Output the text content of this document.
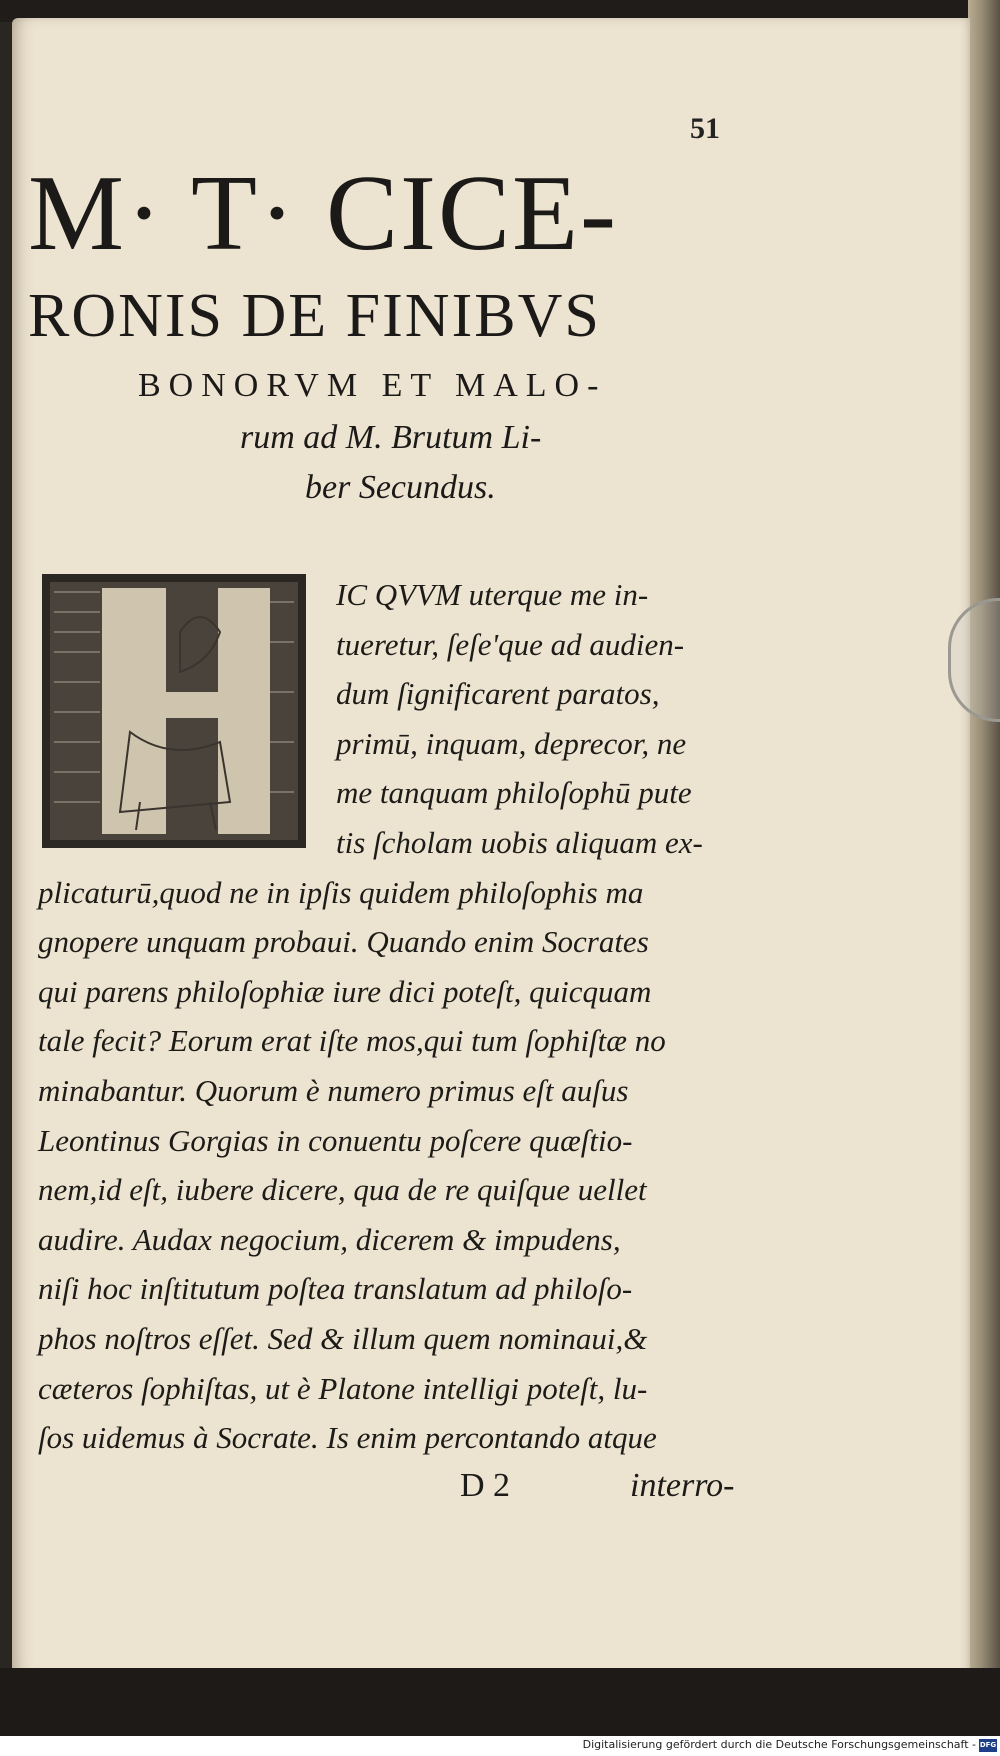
51
M· T· CICE-
RONIS DE FINIBVS
BONORVM ET MALO-
rum ad M. Brutum Li-
ber Secundus.
IC QVVM uterque me in-
tueretur, ſeſe'que ad audien-
dum ſignificarent paratos,
primū, inquam, deprecor, ne
me tanquam philoſophū pute
tis ſcholam uobis aliquam ex-
plicaturū,quod ne in ipſis quidem philoſophis ma
gnopere unquam probaui. Quando enim Socrates
qui parens philoſophiæ iure dici poteſt, quicquam
tale fecit? Eorum erat iſte mos,qui tum ſophiſtæ no
minabantur. Quorum è numero primus eſt auſus
Leontinus Gorgias in conuentu poſcere quæſtio-
nem,id eſt, iubere dicere, qua de re quiſque uellet
audire. Audax negocium, dicerem & impudens,
niſi hoc inſtitutum poſtea translatum ad philoſo-
phos noſtros eſſet. Sed & illum quem nominaui,&
cæteros ſophiſtas, ut è Platone intelligi poteſt, lu-
ſos uidemus à Socrate. Is enim percontando atque
D 2	interro-
Digitalisierung gefördert durch die Deutsche Forschungsgemeinschaft - DFG
